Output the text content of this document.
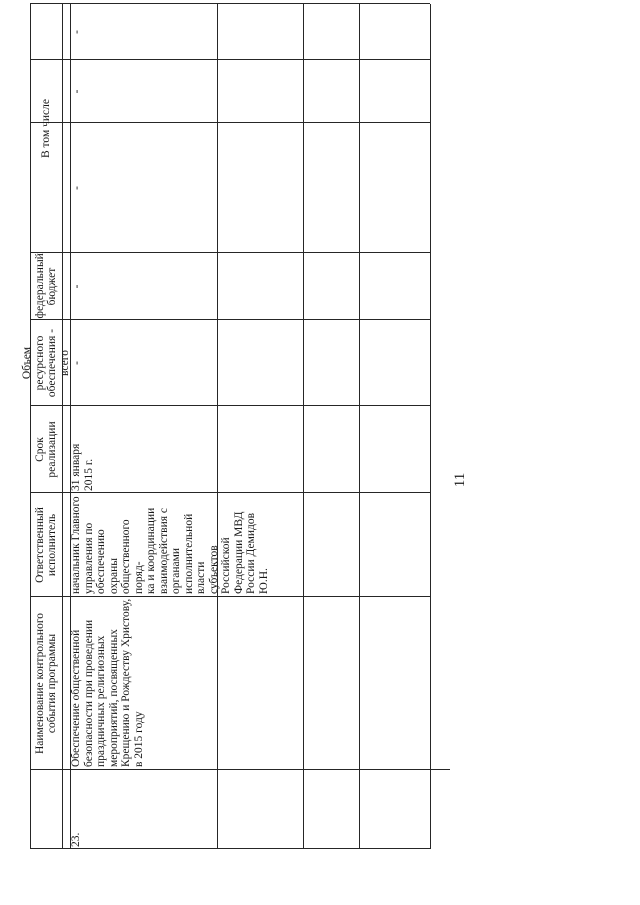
11
Наименование контрольного события программы
Ответственный исполнитель
Срок реализации
Объем ресурсного обеспечения - всего
федеральный бюджет
В том числе
23.
Обеспечение общественной
безопасности при проведении
праздничных религиозных
мероприятий, посвященных
Крещению и Рождеству Христову,
в 2015 году
начальник Главного
управления по
обеспечению охраны
общественного поряд-
ка и координации
взаимодействия с
органами
исполнительной власти
субъектов Российской
Федерации МВД
России Демидов Ю.Н.
31 января
2015 г.
-
-
-
-
-
